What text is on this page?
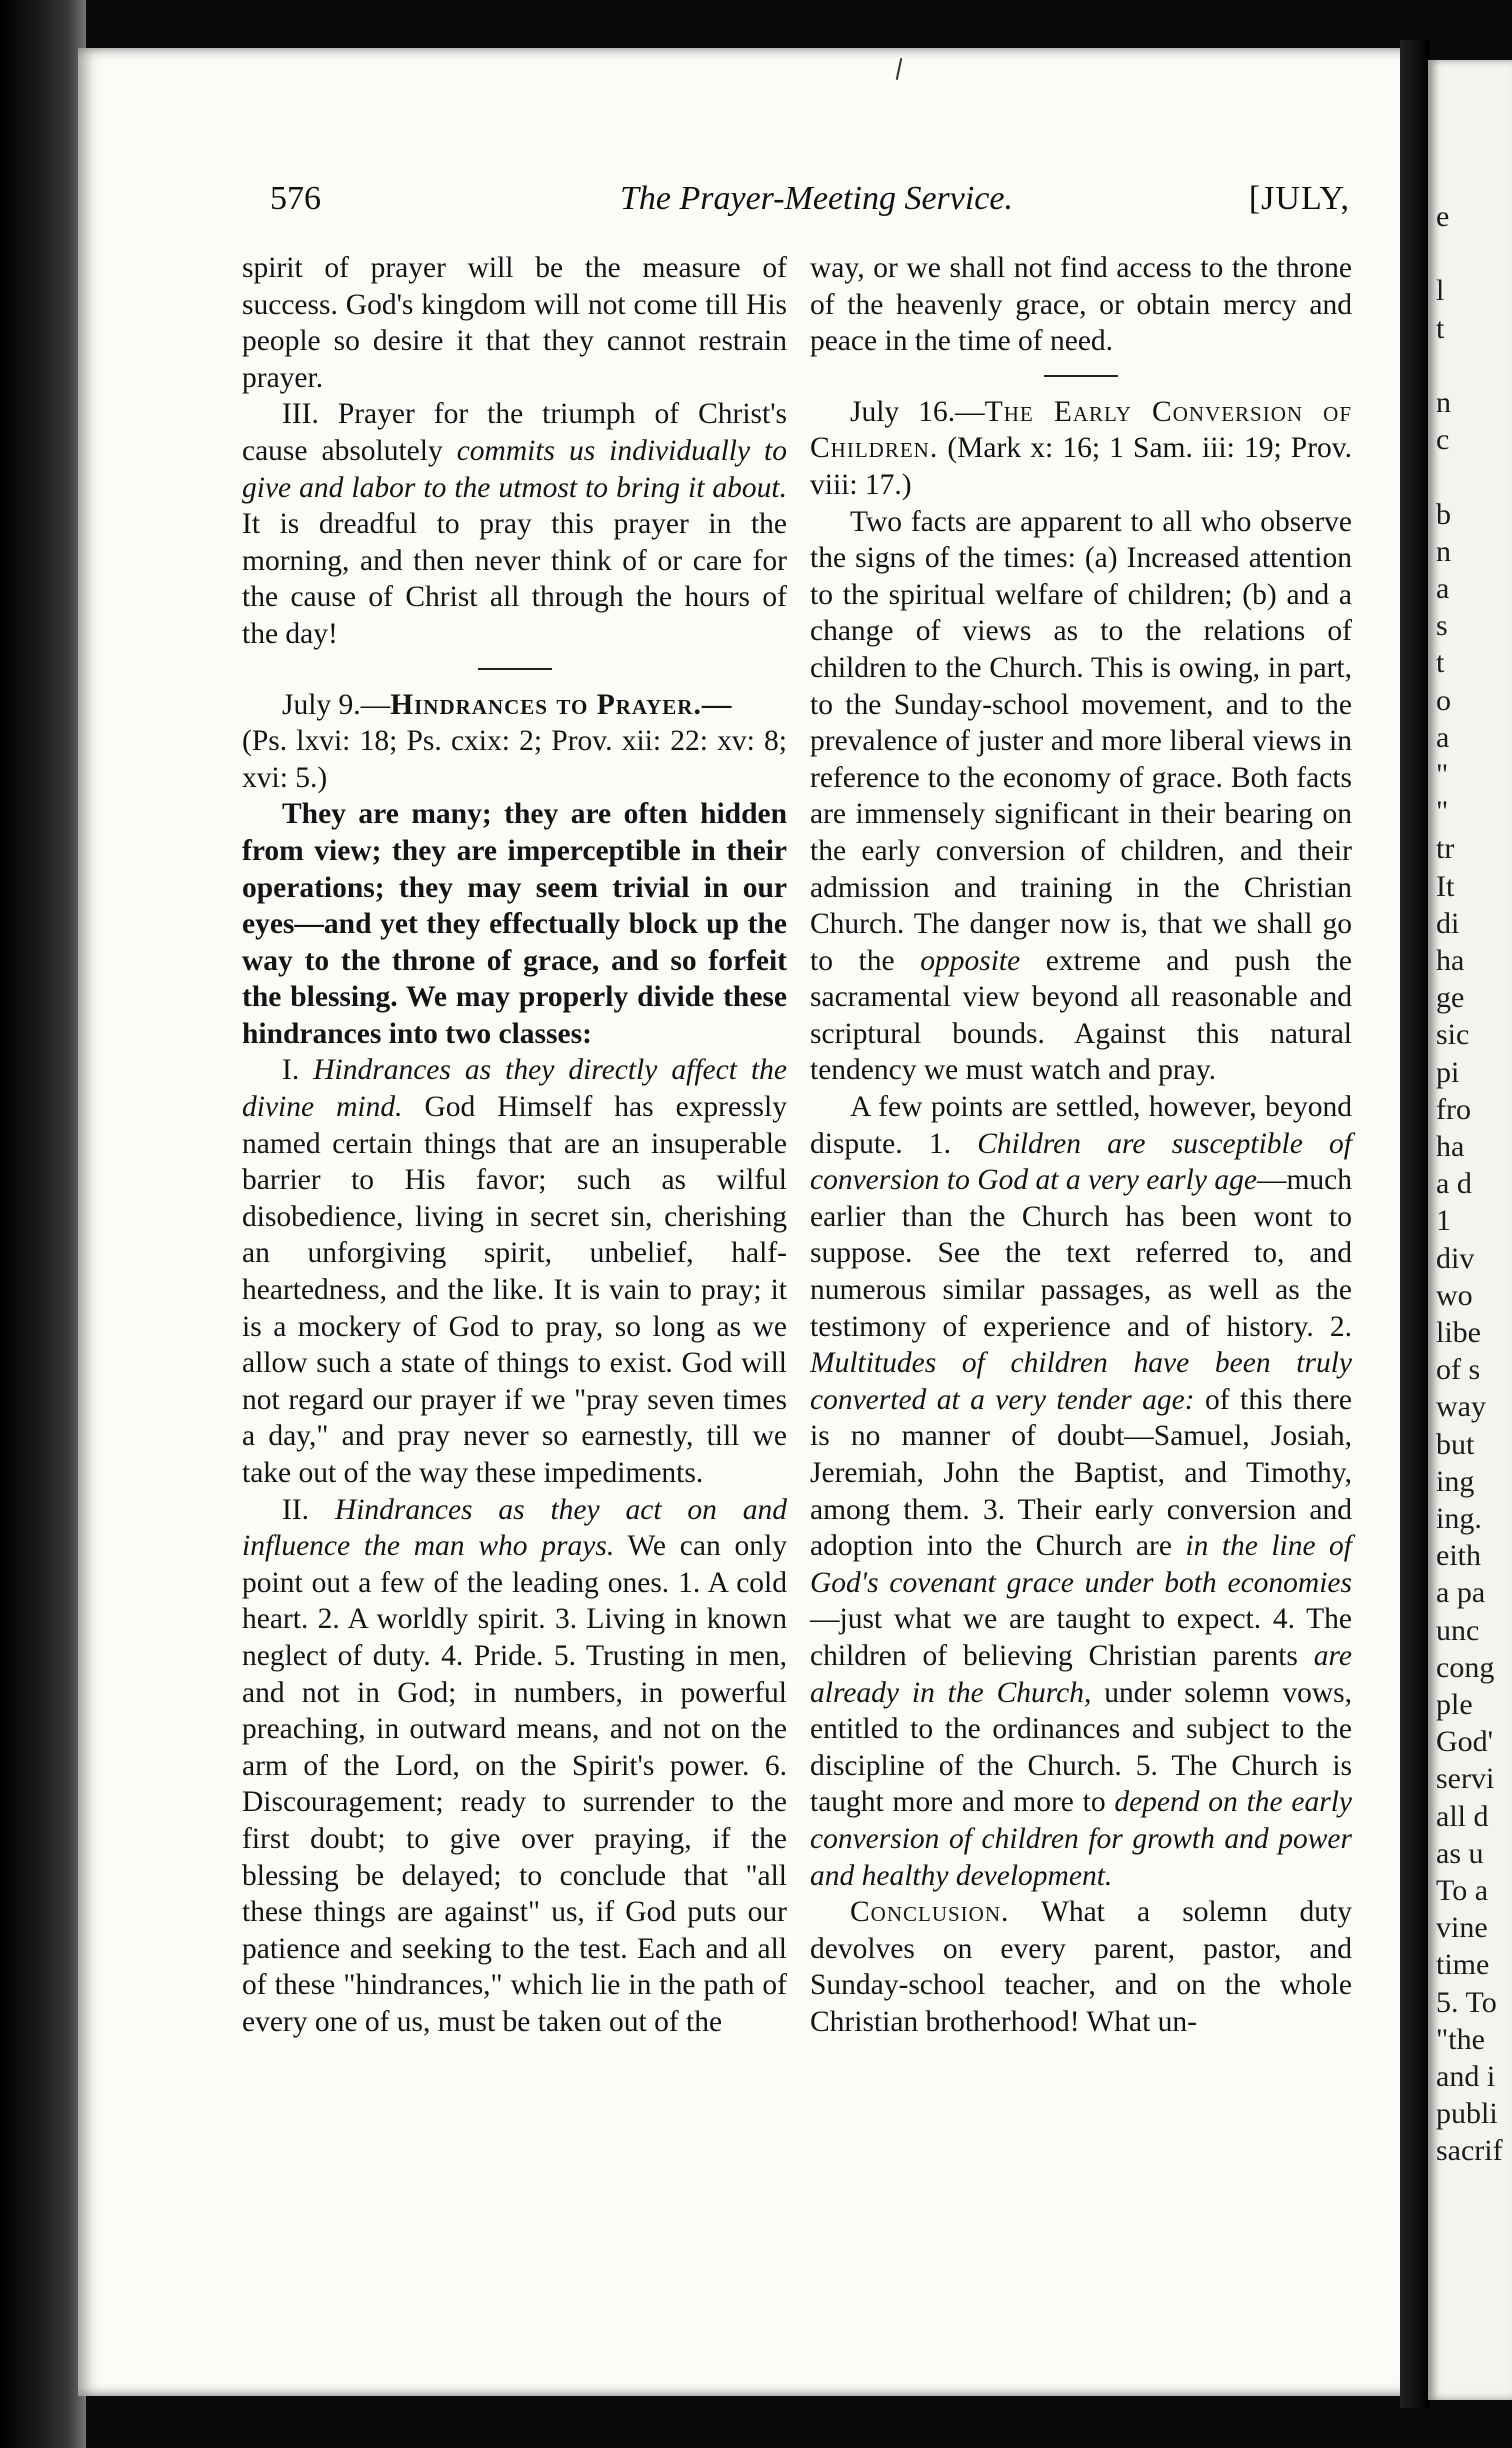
e
l
t
n
c
b
n
a
s
t
o
a
"
"
tr
It
di
ha
ge
sic
pi
fro
ha
a d
1
div
wo
libe
of s
way
but
ing
ing.
eith
a pa
unc
cong
ple
God'
servi
all d
as u
To a
vine
time
5. To
"the
and i
publi
sacrif
576	The Prayer-Meeting Service.	[JULY,

spirit of prayer will be the measure of success. God's kingdom will not come till His people so desire it that they cannot restrain prayer.

III. Prayer for the triumph of Christ's cause absolutely commits us individually to give and labor to the utmost to bring it about. It is dreadful to pray this prayer in the morning, and then never think of or care for the cause of Christ all through the hours of the day!

July 9.—Hindrances to Prayer.—
(Ps. lxvi: 18; Ps. cxix: 2; Prov. xii: 22: xv: 8; xvi: 5.)

They are many; they are often hidden from view; they are imperceptible in their operations; they may seem trivial in our eyes—and yet they effectually block up the way to the throne of grace, and so forfeit the blessing. We may properly divide these hindrances into two classes:

I. Hindrances as they directly affect the divine mind. God Himself has expressly named certain things that are an insuperable barrier to His favor; such as wilful disobedience, living in secret sin, cherishing an unforgiving spirit, unbelief, half-heartedness, and the like. It is vain to pray; it is a mockery of God to pray, so long as we allow such a state of things to exist. God will not regard our prayer if we "pray seven times a day," and pray never so earnestly, till we take out of the way these impediments.

II. Hindrances as they act on and influence the man who prays. We can only point out a few of the leading ones. 1. A cold heart. 2. A worldly spirit. 3. Living in known neglect of duty. 4. Pride. 5. Trusting in men, and not in God; in numbers, in powerful preaching, in outward means, and not on the arm of the Lord, on the Spirit's power. 6. Discouragement; ready to surrender to the first doubt; to give over praying, if the blessing be delayed; to conclude that "all these things are against" us, if God puts our patience and seeking to the test. Each and all of these "hindrances," which lie in the path of every one of us, must be taken out of the

way, or we shall not find access to the throne of the heavenly grace, or obtain mercy and peace in the time of need.

July 16.—The Early Conversion of Children. (Mark x: 16; 1 Sam. iii: 19; Prov. viii: 17.)

Two facts are apparent to all who observe the signs of the times: (a) Increased attention to the spiritual welfare of children; (b) and a change of views as to the relations of children to the Church. This is owing, in part, to the Sunday-school movement, and to the prevalence of juster and more liberal views in reference to the economy of grace. Both facts are immensely significant in their bearing on the early conversion of children, and their admission and training in the Christian Church. The danger now is, that we shall go to the opposite extreme and push the sacramental view beyond all reasonable and scriptural bounds. Against this natural tendency we must watch and pray.

A few points are settled, however, beyond dispute. 1. Children are susceptible of conversion to God at a very early age—much earlier than the Church has been wont to suppose. See the text referred to, and numerous similar passages, as well as the testimony of experience and of history. 2. Multitudes of children have been truly converted at a very tender age: of this there is no manner of doubt—Samuel, Josiah, Jeremiah, John the Baptist, and Timothy, among them. 3. Their early conversion and adoption into the Church are in the line of God's covenant grace under both economies—just what we are taught to expect. 4. The children of believing Christian parents are already in the Church, under solemn vows, entitled to the ordinances and subject to the discipline of the Church. 5. The Church is taught more and more to depend on the early conversion of children for growth and power and healthy development.

Conclusion. What a solemn duty devolves on every parent, pastor, and Sunday-school teacher, and on the whole Christian brotherhood! What un-
